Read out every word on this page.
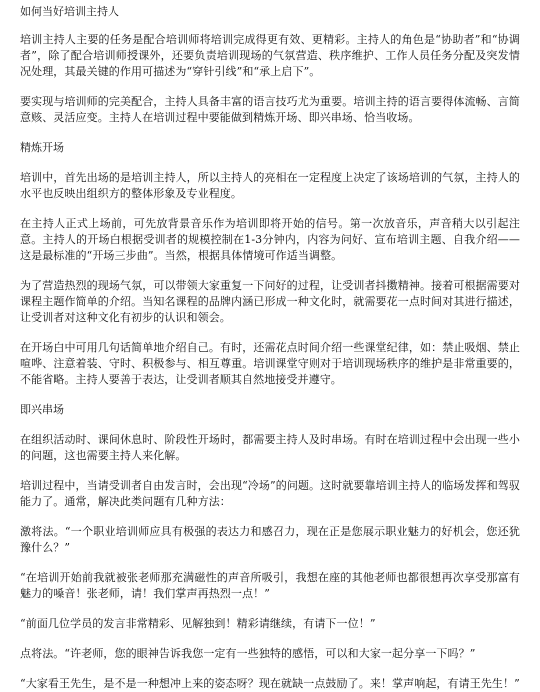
如何当好培训主持人

培训主持人主要的任务是配合培训师将培训完成得更有效、更精彩。主持人的角色是“协助者”和“协调者”，除了配合培训师授课外，还要负责培训现场的气氛营造、秩序维护、工作人员任务分配及突发情况处理，其最关键的作用可描述为“穿针引线”和“承上启下”。

要实现与培训师的完美配合，主持人具备丰富的语言技巧尤为重要。培训主持的语言要得体流畅、言简意赅、灵活应变。主持人在培训过程中要能做到精炼开场、即兴串场、恰当收场。

精炼开场

培训中，首先出场的是培训主持人，所以主持人的亮相在一定程度上决定了该场培训的气氛，主持人的水平也反映出组织方的整体形象及专业程度。

在主持人正式上场前，可先放背景音乐作为培训即将开始的信号。第一次放音乐，声音稍大以引起注意。主持人的开场白根据受训者的规模控制在1-3分钟内，内容为问好、宣布培训主题、自我介绍——这是最标准的“开场三步曲”。当然，根据具体情境可作适当调整。

为了营造热烈的现场气氛，可以带领大家重复一下问好的过程，让受训者抖擞精神。接着可根据需要对课程主题作简单的介绍。当知名课程的品牌内涵已形成一种文化时，就需要花一点时间对其进行描述，让受训者对这种文化有初步的认识和领会。

在开场白中可用几句话简单地介绍自己。有时，还需花点时间介绍一些课堂纪律，如：禁止吸烟、禁止喧哗、注意着装、守时、积极参与、相互尊重。培训课堂守则对于培训现场秩序的维护是非常重要的，不能省略。主持人要善于表达，让受训者顺其自然地接受并遵守。

即兴串场

在组织活动时、课间休息时、阶段性开场时，都需要主持人及时串场。有时在培训过程中会出现一些小的问题，这也需要主持人来化解。

培训过程中，当请受训者自由发言时，会出现“冷场”的问题。这时就要靠培训主持人的临场发挥和驾驭能力了。通常，解决此类问题有几种方法：

激将法。“一个职业培训师应具有极强的表达力和感召力，现在正是您展示职业魅力的好机会，您还犹豫什么？”

“在培训开始前我就被张老师那充满磁性的声音所吸引，我想在座的其他老师也都很想再次享受那富有魅力的嗓音！张老师，请！我们掌声再热烈一点！”

“前面几位学员的发言非常精彩、见解独到！精彩请继续，有请下一位！”

点将法。“许老师，您的眼神告诉我您一定有一些独特的感悟，可以和大家一起分享一下吗？”

“大家看王先生，是不是一种想冲上来的姿态呀？现在就缺一点鼓励了。来！掌声响起，有请王先生！”
